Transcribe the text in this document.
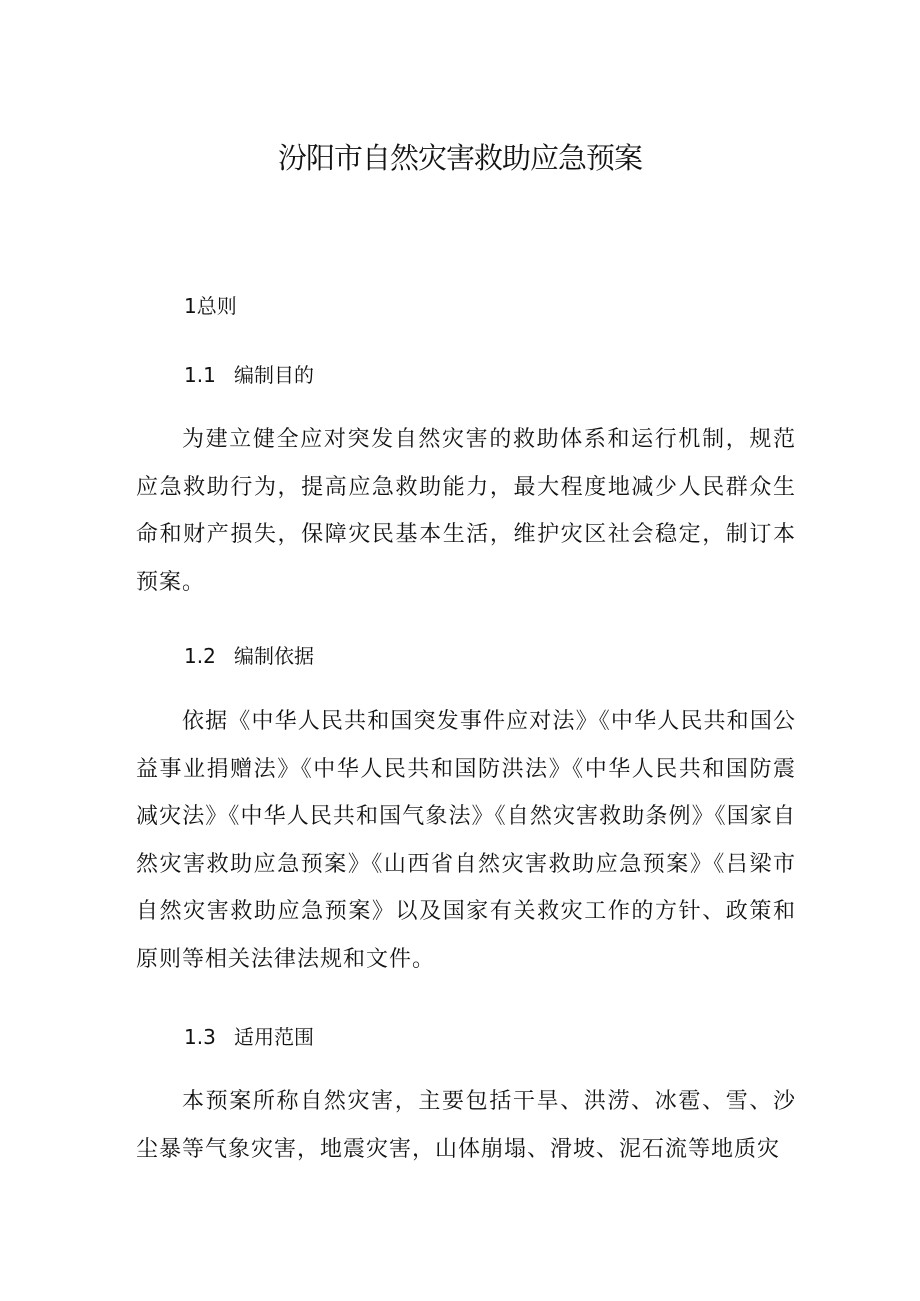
汾阳市自然灾害救助应急预案
1总则
1.1 编制目的

为建立健全应对突发自然灾害的救助体系和运行机制，规范应急救助行为，提高应急救助能力，最大程度地减少人民群众生命和财产损失，保障灾民基本生活，维护灾区社会稳定，制订本预案。

1.2 编制依据

依据《中华人民共和国突发事件应对法》《中华人民共和国公益事业捐赠法》《中华人民共和国防洪法》《中华人民共和国防震减灾法》《中华人民共和国气象法》《自然灾害救助条例》《国家自然灾害救助应急预案》《山西省自然灾害救助应急预案》《吕梁市自然灾害救助应急预案》以及国家有关救灾工作的方针、政策和原则等相关法律法规和文件。

1.3 适用范围

本预案所称自然灾害，主要包括干旱、洪涝、冰雹、雪、沙尘暴等气象灾害，地震灾害，山体崩塌、滑坡、泥石流等地质灾
